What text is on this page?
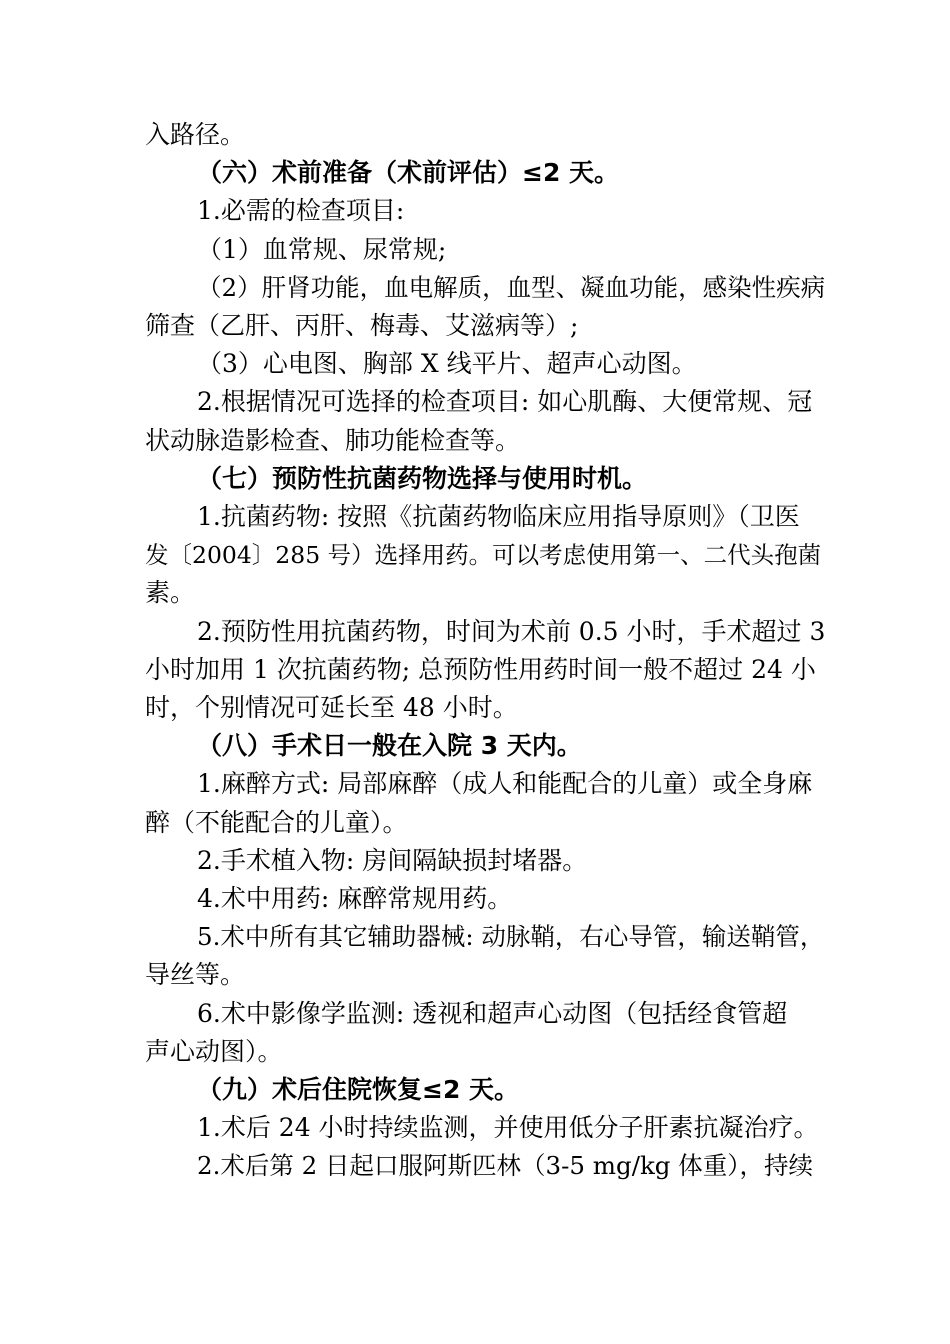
入路径。

（六）术前准备（术前评估）≤2 天。

1.必需的检查项目:

（1）血常规、尿常规;

（2）肝肾功能，血电解质，血型、凝血功能，感染性疾病

筛查（乙肝、丙肝、梅毒、艾滋病等）;

（3）心电图、胸部 X 线平片、超声心动图。

2.根据情况可选择的检查项目: 如心肌酶、大便常规、冠

状动脉造影检查、肺功能检查等。

（七）预防性抗菌药物选择与使用时机。

1.抗菌药物: 按照《抗菌药物临床应用指导原则》（卫医

发〔2004〕285 号）选择用药。可以考虑使用第一、二代头孢菌

素。

2.预防性用抗菌药物，时间为术前 0.5 小时，手术超过 3

小时加用 1 次抗菌药物; 总预防性用药时间一般不超过 24 小

时，个别情况可延长至 48 小时。

（八）手术日一般在入院 3 天内。

1.麻醉方式: 局部麻醉（成人和能配合的儿童）或全身麻

醉（不能配合的儿童）。

2.手术植入物: 房间隔缺损封堵器。

4.术中用药: 麻醉常规用药。

5.术中所有其它辅助器械: 动脉鞘，右心导管，输送鞘管，

导丝等。

6.术中影像学监测: 透视和超声心动图（包括经食管超

声心动图）。

（九）术后住院恢复≤2 天。

1.术后 24 小时持续监测，并使用低分子肝素抗凝治疗。

2.术后第 2 日起口服阿斯匹林（3-5 mg/kg 体重），持续
